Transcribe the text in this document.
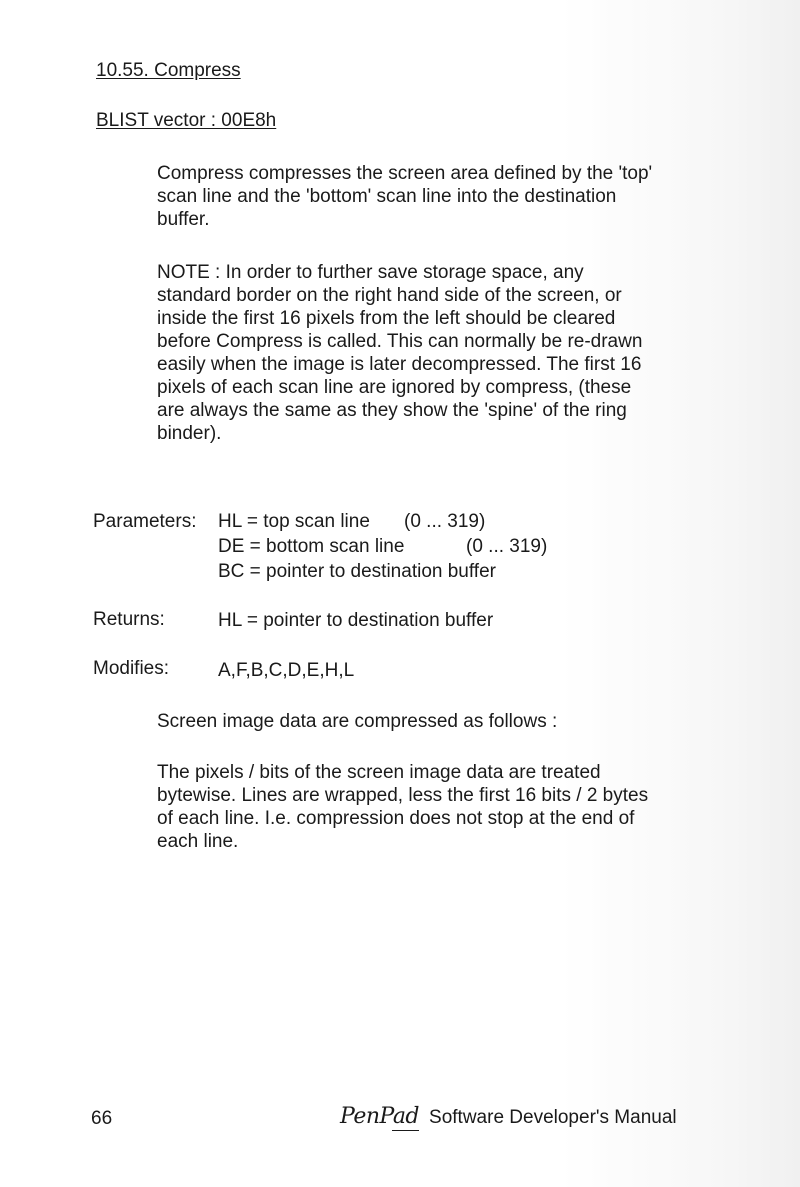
10.55. Compress
BLIST vector : 00E8h

Compress compresses the screen area defined by the 'top'
scan line and the 'bottom' scan line into the destination
buffer.

NOTE : In order to further save storage space, any
standard border on the right hand side of the screen, or
inside the first 16 pixels from the left should be cleared
before Compress is called. This can normally be re-drawn
easily when the image is later decompressed. The first 16
pixels of each scan line are ignored by compress, (these
are always the same as they show the 'spine' of the ring
binder).

Parameters: HL = top scan line (0 ... 319)
DE = bottom scan line	(0 ... 319)
BC = pointer to destination buffer
Returns:	HL = pointer to destination buffer
Modifies:	A,F,B,C,D,E,H,L

Screen image data are compressed as follows :

The pixels / bits of the screen image data are treated
bytewise. Lines are wrapped, less the first 16 bits / 2 bytes
of each line. I.e. compression does not stop at the end of
each line.

66	PenPad Software Developer's Manual
